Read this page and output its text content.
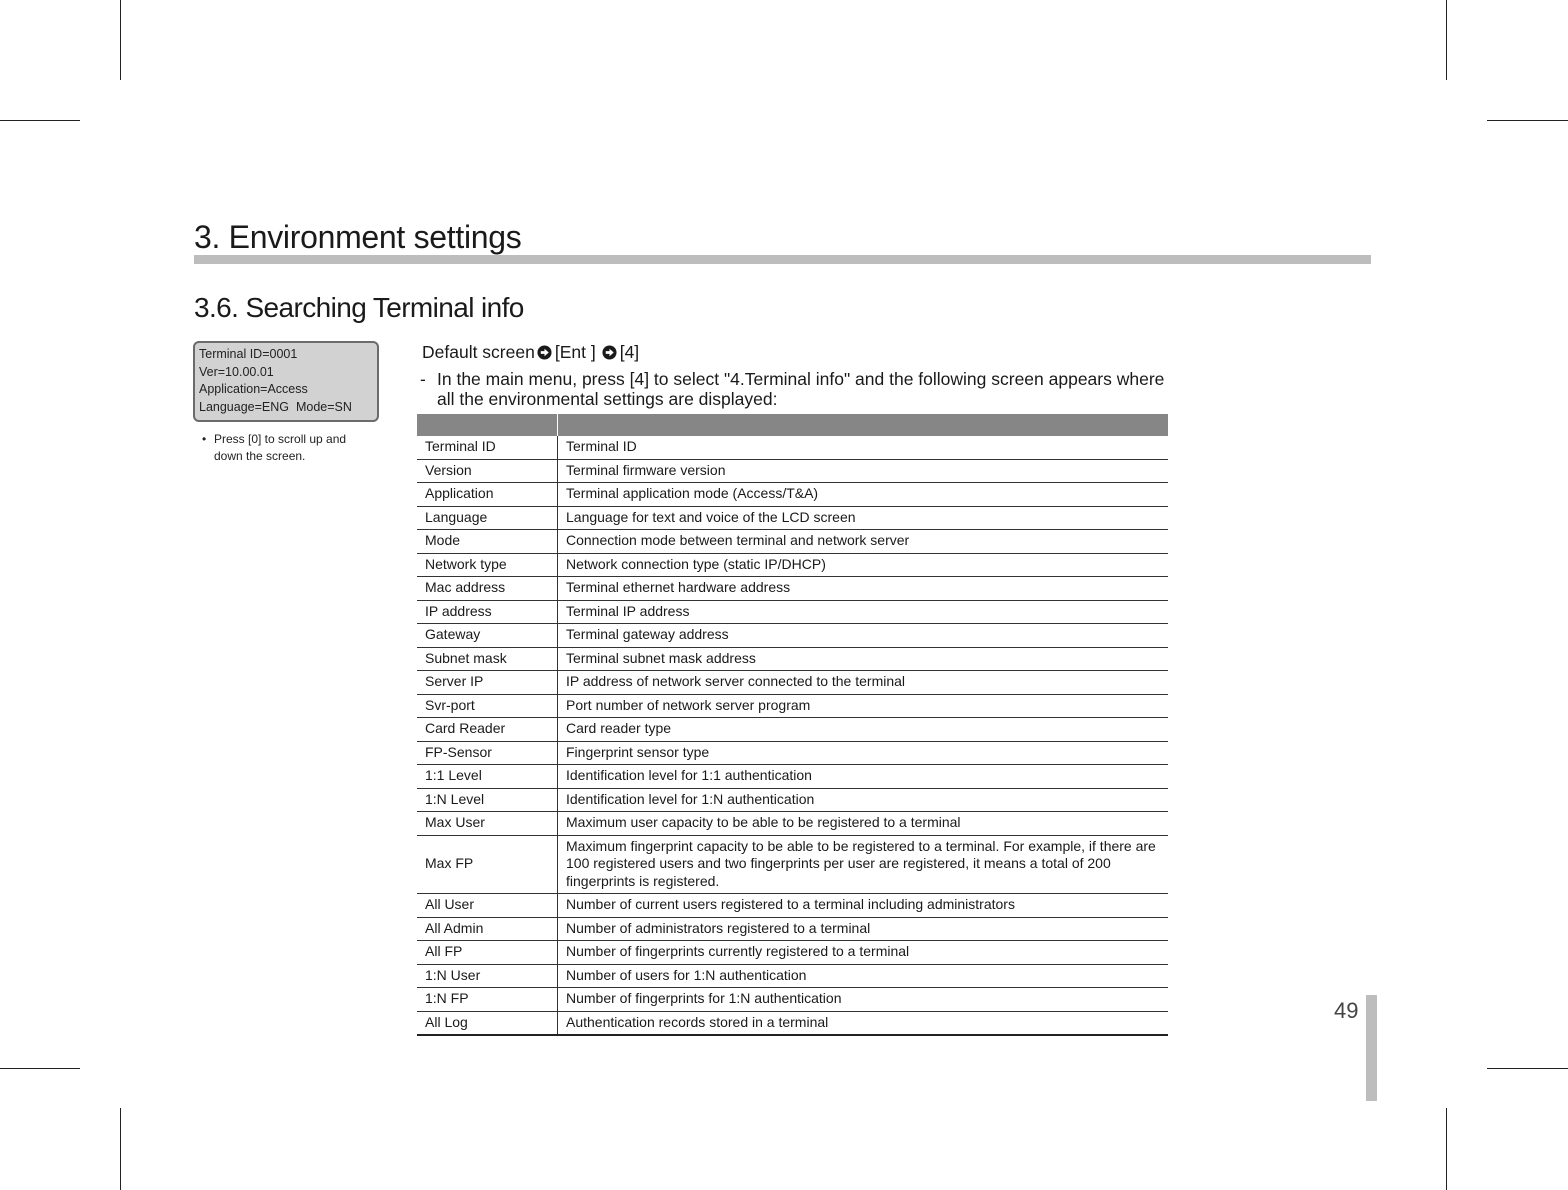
3. Environment settings
3.6. Searching Terminal info
Terminal ID=0001
Ver=10.00.01
Application=Access
Language=ENG  Mode=SN
• Press [0] to scroll up and down the screen.
Default screen [Ent ] [4]
- In the main menu, press [4] to select "4.Terminal info" and the following screen appears where all the environmental settings are displayed:

Terminal ID	Terminal ID
Version	Terminal firmware version
Application	Terminal application mode (Access/T&A)
Language	Language for text and voice of the LCD screen
Mode	Connection mode between terminal and network server
Network type	Network connection type (static IP/DHCP)
Mac address	Terminal ethernet hardware address
IP address	Terminal IP address
Gateway	Terminal gateway address
Subnet mask	Terminal subnet mask address
Server IP	IP address of network server connected to the terminal
Svr-port	Port number of network server program
Card Reader	Card reader type
FP-Sensor	Fingerprint sensor type
1:1 Level	Identification level for 1:1 authentication
1:N Level	Identification level for 1:N authentication
Max User	Maximum user capacity to be able to be registered to a terminal
Max FP	Maximum fingerprint capacity to be able to be registered to a terminal. For example, if there are 100 registered users and two fingerprints per user are registered, it means a total of 200 fingerprints is registered.
All User	Number of current users registered to a terminal including administrators
All Admin	Number of administrators registered to a terminal
All FP	Number of fingerprints currently registered to a terminal
1:N User	Number of users for 1:N authentication
1:N FP	Number of fingerprints for 1:N authentication
All Log	Authentication records stored in a terminal	49
